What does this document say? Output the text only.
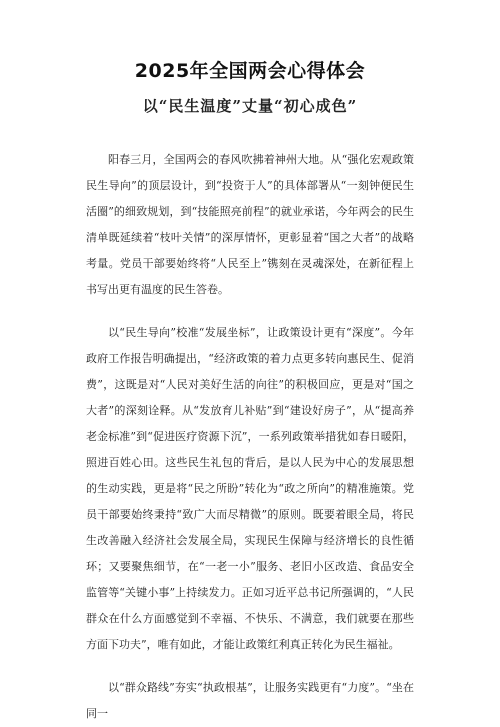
2025年全国两会心得体会
以“民生温度”丈量“初心成色”

阳春三月，全国两会的春风吹拂着神州大地。从“强化宏观政策民生导向”的顶层设计，到“投资于人”的具体部署从“一刻钟便民生活圈”的细致规划，到“技能照亮前程”的就业承诺，今年两会的民生清单既延续着“枝叶关情”的深厚情怀，更彰显着“国之大者”的战略考量。党员干部要始终将“人民至上”镌刻在灵魂深处，在新征程上书写出更有温度的民生答卷。

以“民生导向”校准“发展坐标”，让政策设计更有“深度”。今年政府工作报告明确提出，“经济政策的着力点更多转向惠民生、促消费”，这既是对“人民对美好生活的向往”的积极回应，更是对“国之大者”的深刻诠释。从“发放育儿补贴”到“建设好房子”，从“提高养老金标准”到“促进医疗资源下沉”，一系列政策举措犹如春日暖阳，照进百姓心田。这些民生礼包的背后，是以人民为中心的发展思想的生动实践，更是将“民之所盼”转化为“政之所向”的精准施策。党员干部要始终秉持“致广大而尽精微”的原则。既要着眼全局，将民生改善融入经济社会发展全局，实现民生保障与经济增长的良性循环；又要聚焦细节，在“一老一小”服务、老旧小区改造、食品安全监管等“关键小事”上持续发力。正如习近平总书记所强调的，“人民群众在什么方面感觉到不幸福、不快乐、不满意，我们就要在那些方面下功夫”，唯有如此，才能让政策红利真正转化为民生福祉。

以“群众路线”夯实“执政根基”，让服务实践更有“力度”。“坐在同一
